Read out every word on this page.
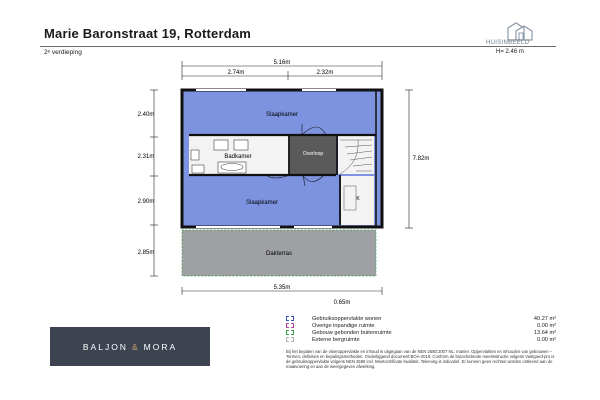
Marie Baronstraat 19, Rotterdam
2ᵉ verdieping
HUISINBEELD
H= 2.46 m
5.16m
2.74m	2.32m
2.40m
2.31m
2.90m
2.85m
7.82m
5.35m
0.65m
Slaapkamer
Badkamer	Overloop
Slaapkamer
Dakterras
K
BALJON & MORA
Gebruiksoppervlakte wonen	40.27 m²
Overige inpandige ruimte	0.00 m²
Gebouw gebonden buitenruimte	13.64 m²
Externe bergruimte	0.00 m²
Bij het bepalen van de vloeroppervlakte en inhoud is uitgegaan van de NEN 2580:2007 NL, manier. Oppervlakten en inhouden van gebouwen – Termen, definities en bepalingsmethoden. Onderliggend document BOA-2018. Conform de branchebrede meetinstructie volgens Vastgoed-pro is de gebruiksoppervlakte volgens NEN 2580 incl. Meetcertificate kwaliteit. Tekening is indicatief. Er kunnen geen rechten worden ontleend aan de maatvoering en aan de weergegeven afwerking.
